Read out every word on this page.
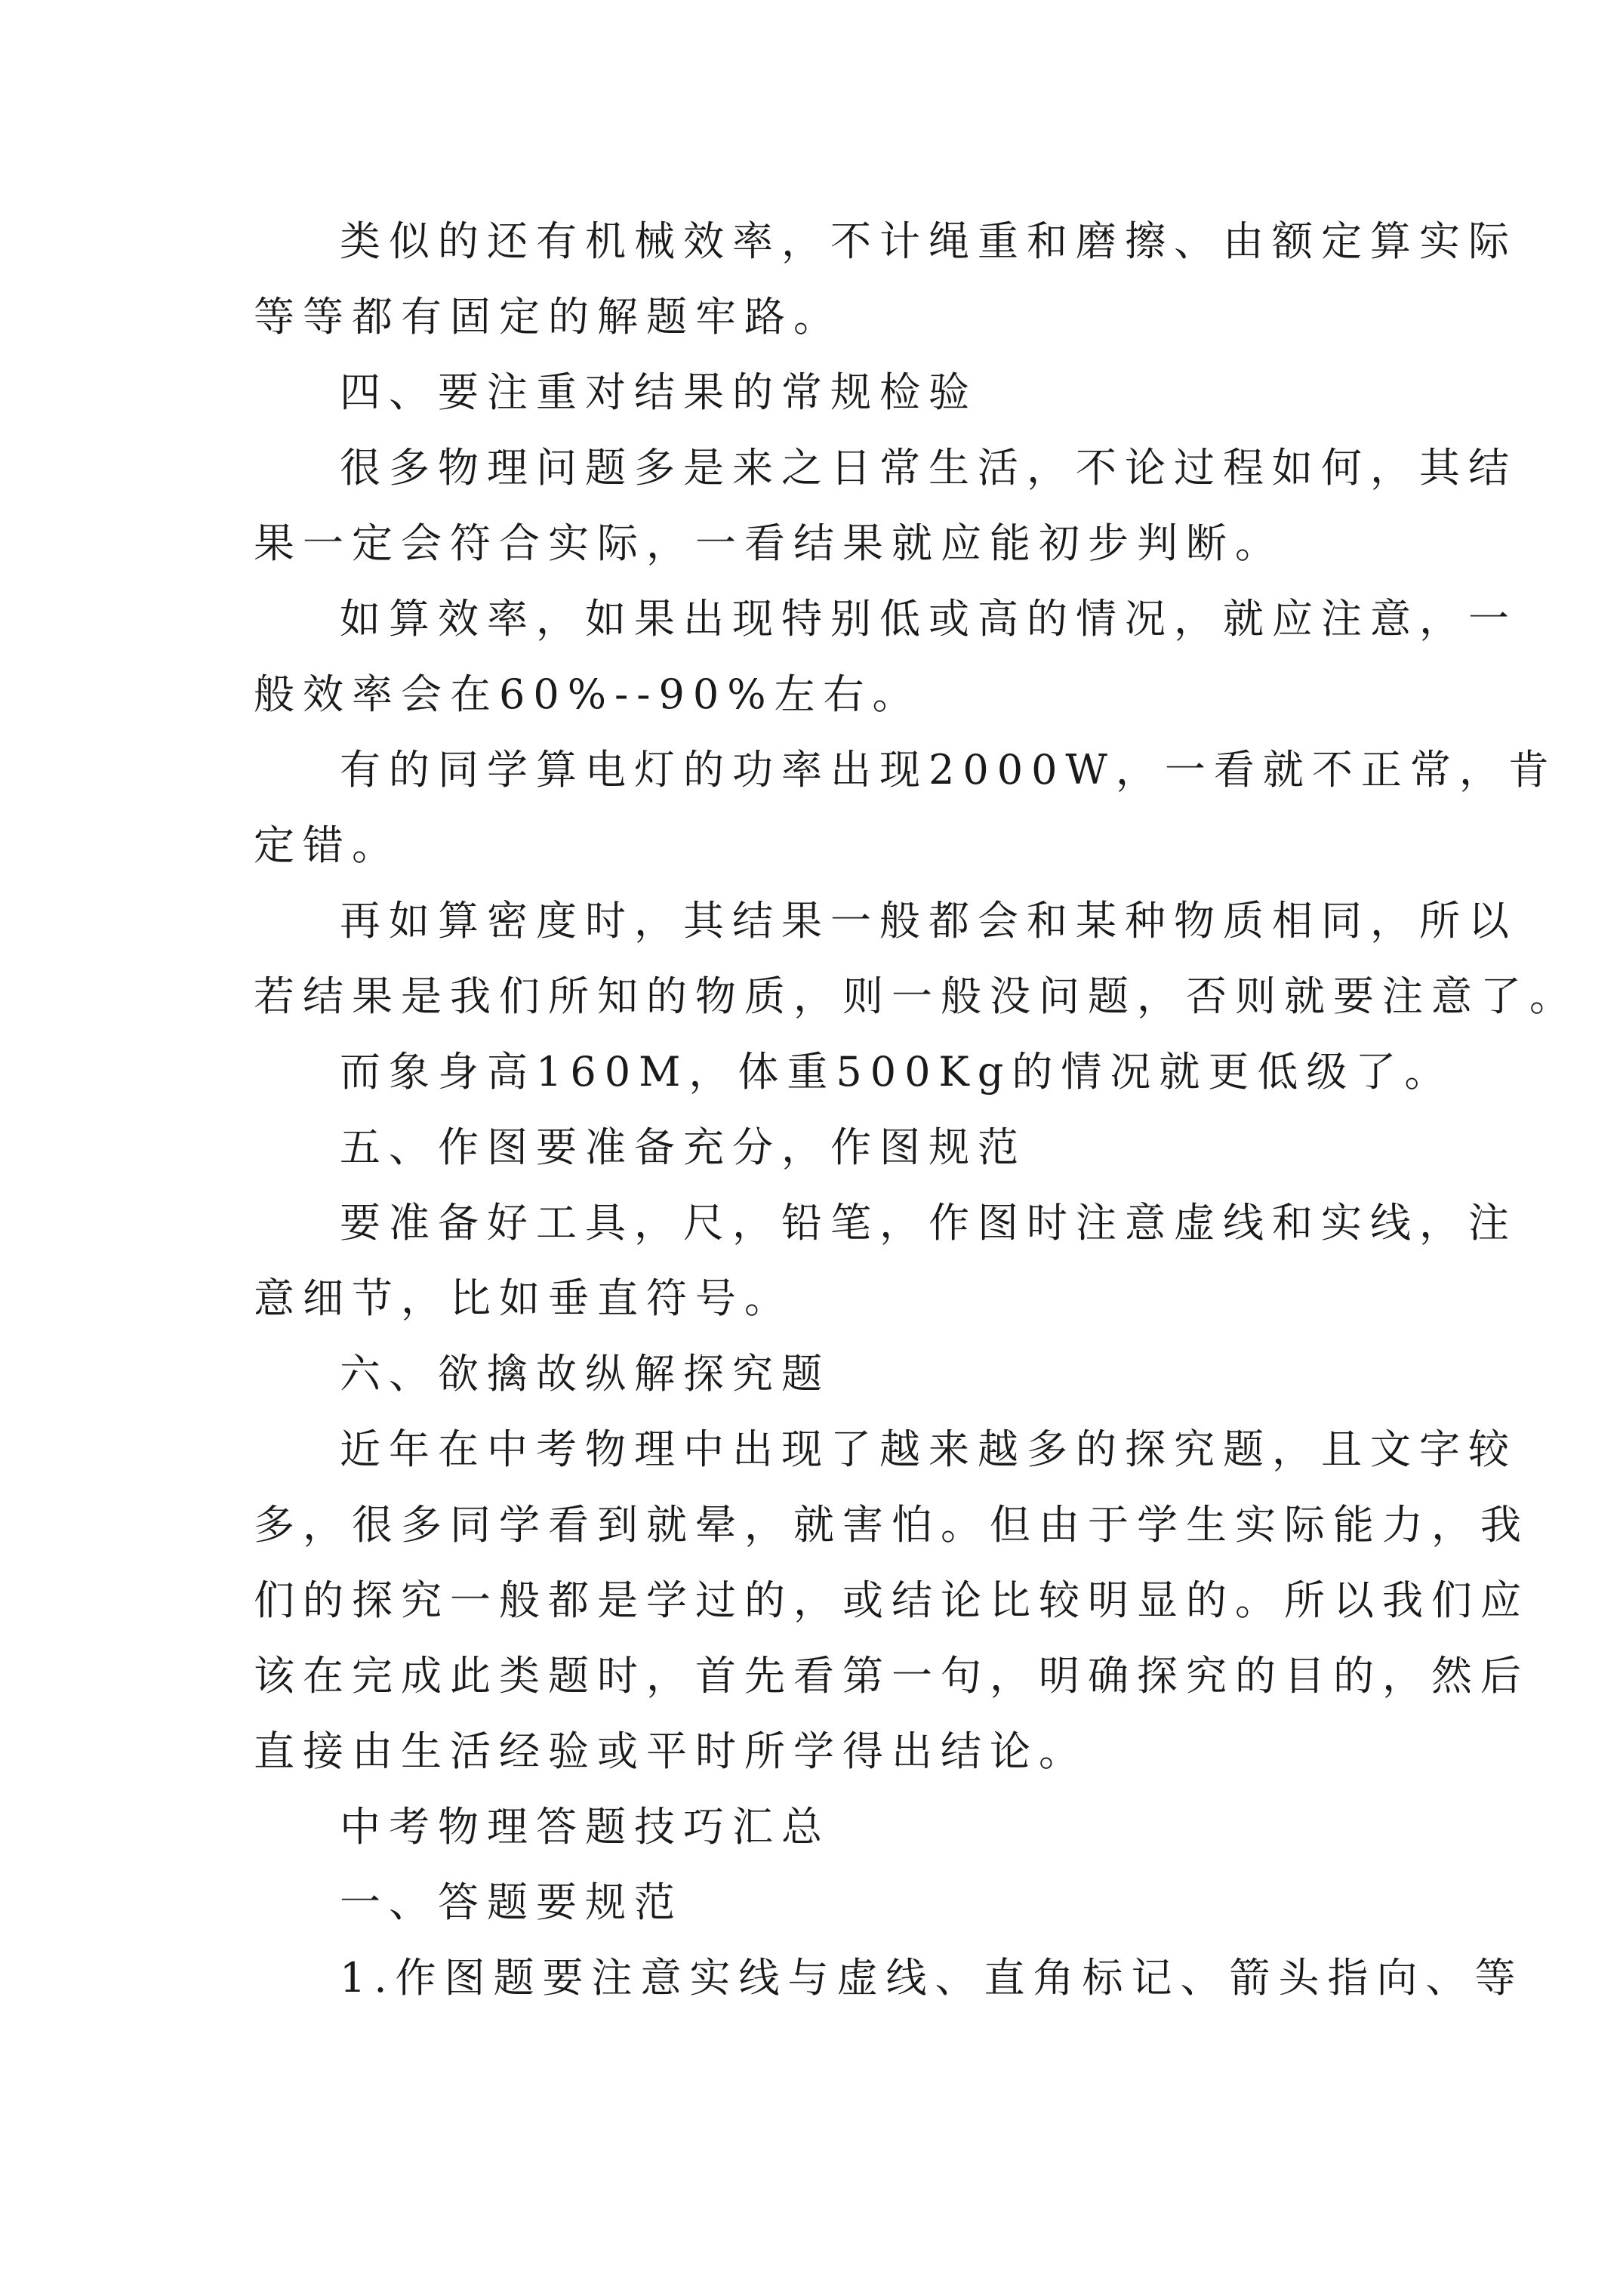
类似的还有机械效率，不计绳重和磨擦、由额定算实际
等等都有固定的解题牢路。
四、要注重对结果的常规检验
很多物理问题多是来之日常生活，不论过程如何，其结
果一定会符合实际，一看结果就应能初步判断。
如算效率，如果出现特别低或高的情况，就应注意，一
般效率会在60%--90%左右。
有的同学算电灯的功率出现2000W，一看就不正常，肯
定错。
再如算密度时，其结果一般都会和某种物质相同，所以
若结果是我们所知的物质，则一般没问题，否则就要注意了。
而象身高160M，体重500Kg的情况就更低级了。
五、作图要准备充分，作图规范
要准备好工具，尺，铅笔，作图时注意虚线和实线，注
意细节，比如垂直符号。
六、欲擒故纵解探究题
近年在中考物理中出现了越来越多的探究题，且文字较
多，很多同学看到就晕，就害怕。但由于学生实际能力，我
们的探究一般都是学过的，或结论比较明显的。所以我们应
该在完成此类题时，首先看第一句，明确探究的目的，然后
直接由生活经验或平时所学得出结论。
中考物理答题技巧汇总
一、答题要规范
1.作图题要注意实线与虚线、直角标记、箭头指向、等
